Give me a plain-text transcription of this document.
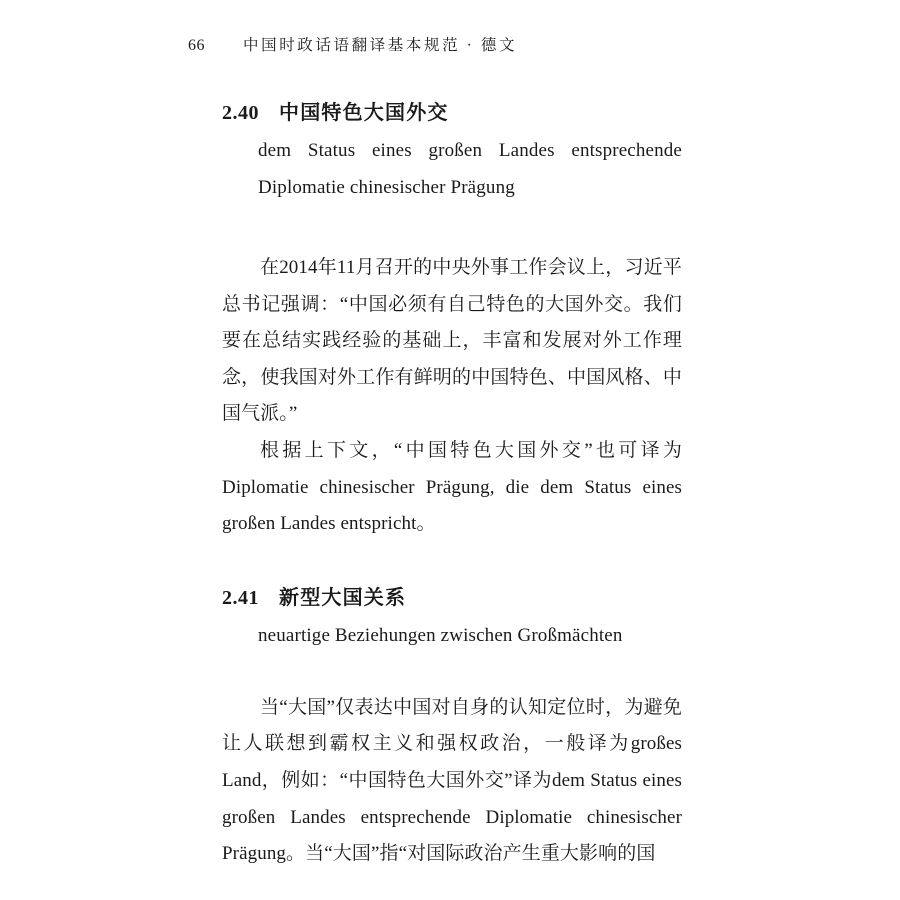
66 中国时政话语翻译基本规范 · 德文
2.40 中国特色大国外交
dem Status eines großen Landes entsprechende Diplomatie chinesischer Prägung

在2014年11月召开的中央外事工作会议上，习近平总书记强调：“中国必须有自己特色的大国外交。我们要在总结实践经验的基础上，丰富和发展对外工作理念，使我国对外工作有鲜明的中国特色、中国风格、中国气派。”

根据上下文，“中国特色大国外交”也可译为Diplomatie chinesischer Prägung, die dem Status eines großen Landes entspricht。

2.41 新型大国关系
neuartige Beziehungen zwischen Großmächten

当“大国”仅表达中国对自身的认知定位时，为避免让人联想到霸权主义和强权政治，一般译为großes Land，例如：“中国特色大国外交”译为dem Status eines großen Landes entsprechende Diplomatie chinesischer Prägung。当“大国”指“对国际政治产生重大影响的国
